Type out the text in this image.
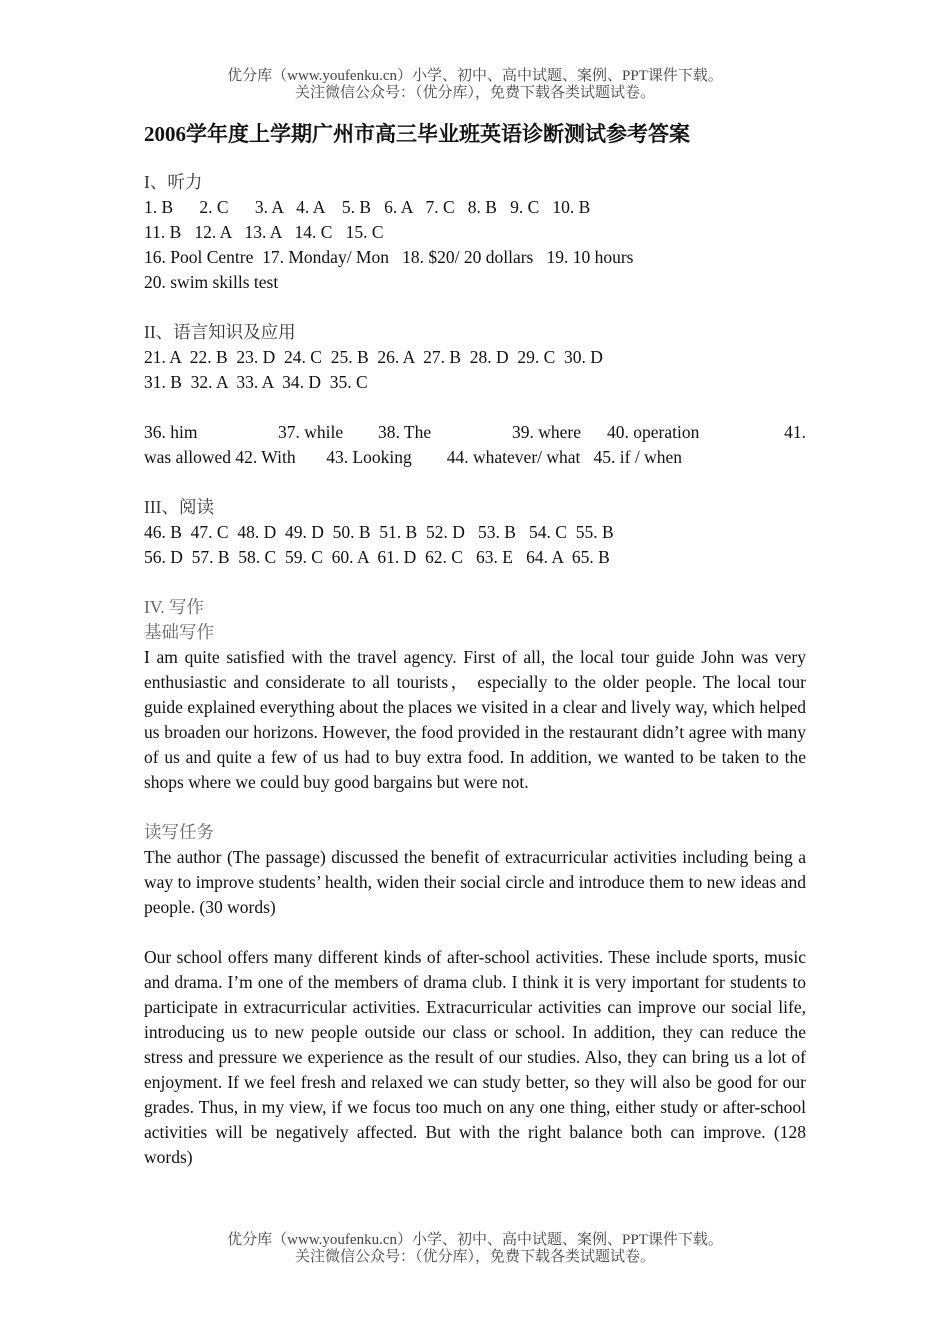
优分库（www.youfenku.cn）小学、初中、高中试题、案例、PPT课件下载。
关注微信公众号：（优分库），免费下载各类试题试卷。
2006学年度上学期广州市高三毕业班英语诊断测试参考答案
I、听力
1. B      2. C      3. A   4. A    5. B   6. A   7. C   8. B   9. C   10. B
11. B   12. A   13. A   14. C   15. C
16. Pool Centre  17. Monday/ Mon   18. $20/ 20 dollars   19. 10 hours
20. swim skills test
II、语言知识及应用
21. A  22. B  23. D  24. C  25. B  26. A  27. B  28. D  29. C  30. D
31. B  32. A  33. A  34. D  35. C
36. him	37. while	38. The	39. where	40. operation	41.
was allowed 42. With       43. Looking        44. whatever/ what   45. if / when
III、阅读
46. B  47. C  48. D  49. D  50. B  51. B  52. D   53. B   54. C  55. B
56. D  57. B  58. C  59. C  60. A  61. D  62. C   63. E   64. A  65. B
IV. 写作
基础写作
I am quite satisfied with the travel agency. First of all, the local tour guide John was very enthusiastic and considerate to all tourists， especially to the older people. The local tour guide explained everything about the places we visited in a clear and lively way, which helped us broaden our horizons. However, the food provided in the restaurant didn’t agree with many of us and quite a few of us had to buy extra food. In addition, we wanted to be taken to the shops where we could buy good bargains but were not.
读写任务
The author (The passage) discussed the benefit of extracurricular activities including being a way to improve students’ health, widen their social circle and introduce them to new ideas and people. (30 words)
Our school offers many different kinds of after-school activities. These include sports, music and drama. I’m one of the members of drama club. I think it is very important for students to participate in extracurricular activities. Extracurricular activities can improve our social life, introducing us to new people outside our class or school. In addition, they can reduce the stress and pressure we experience as the result of our studies. Also, they can bring us a lot of enjoyment. If we feel fresh and relaxed we can study better, so they will also be good for our grades. Thus, in my view, if we focus too much on any one thing, either study or after-school activities will be negatively affected. But with the right balance both can improve. (128 words)
优分库（www.youfenku.cn）小学、初中、高中试题、案例、PPT课件下载。
关注微信公众号：（优分库），免费下载各类试题试卷。
